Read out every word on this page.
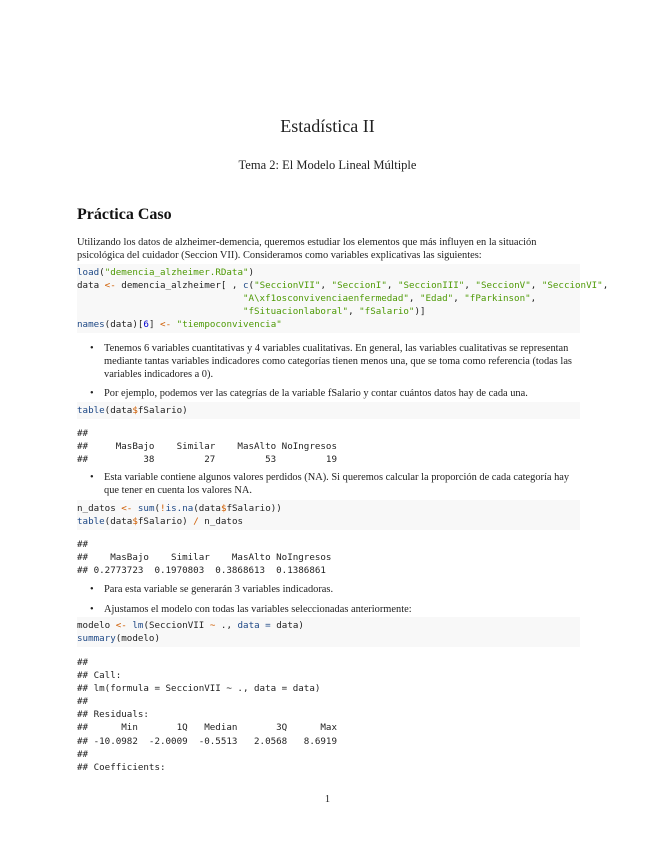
Estadística II
Tema 2: El Modelo Lineal Múltiple
Práctica Caso

Utilizando los datos de alzheimer-demencia, queremos estudiar los elementos que más influyen en la situación psicológica del cuidador (Seccion VII). Consideramos como variables explicativas las siguientes:

load("demencia_alzheimer.RData")
data <- demencia_alzheimer[ , c("SeccionVII", "SeccionI", "SeccionIII", "SeccionV", "SeccionVI",
"A\xf1osconvivenciaenfermedad", "Edad", "fParkinson",
"fSituacionlaboral", "fSalario")]
names(data)[6] <- "tiempoconvivencia"
• Tenemos 6 variables cuantitativas y 4 variables cualitativas. En general, las variables cualitativas se representan mediante tantas variables indicadores como categorías tienen menos una, que se toma como referencia (todas las variables indicadores a 0).
• Por ejemplo, podemos ver las categrías de la variable fSalario y contar cuántos datos hay de cada una.
table(data$fSalario)
##
##     MasBajo    Similar    MasAlto NoIngresos
##          38         27         53         19
• Esta variable contiene algunos valores perdidos (NA). Si queremos calcular la proporción de cada categoría hay que tener en cuenta los valores NA.
n_datos <- sum(!is.na(data$fSalario))
table(data$fSalario) / n_datos
##
##    MasBajo    Similar    MasAlto NoIngresos
## 0.2773723  0.1970803  0.3868613  0.1386861
• Para esta variable se generarán 3 variables indicadoras.
• Ajustamos el modelo con todas las variables seleccionadas anteriormente:
modelo <- lm(SeccionVII ~ ., data = data)
summary(modelo)
##
## Call:
## lm(formula = SeccionVII ~ ., data = data)
##
## Residuals:
##      Min       1Q   Median       3Q      Max
## -10.0982  -2.0009  -0.5513   2.0568   8.6919
##
## Coefficients:
1
